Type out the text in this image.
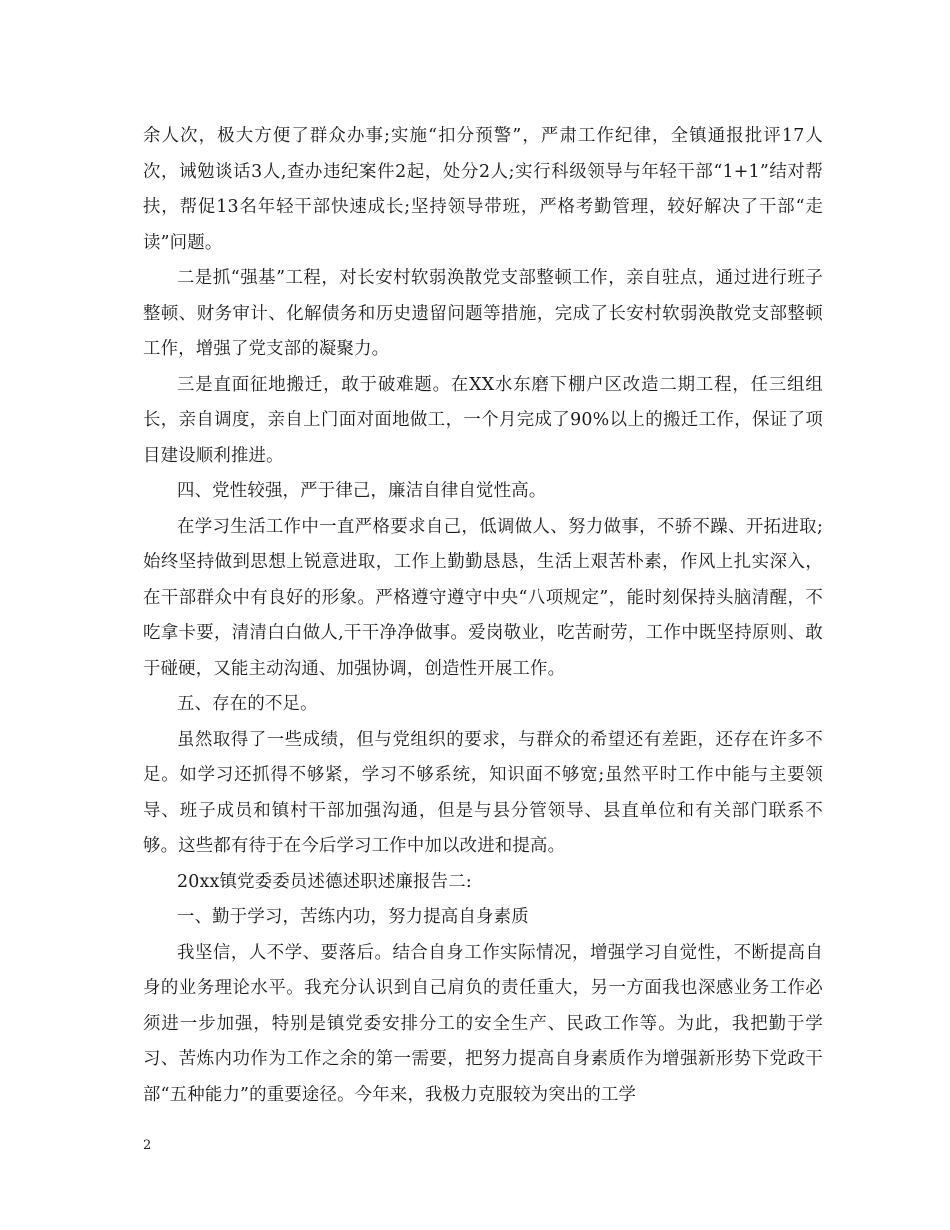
余人次，极大方便了群众办事;实施“扣分预警”，严肃工作纪律，全镇通报批评17人次，诫勉谈话3人,查办违纪案件2起，处分2人;实行科级领导与年轻干部“1+1”结对帮扶，帮促13名年轻干部快速成长;坚持领导带班，严格考勤管理，较好解决了干部“走读”问题。

二是抓“强基”工程，对长安村软弱涣散党支部整顿工作，亲自驻点，通过进行班子整顿、财务审计、化解债务和历史遗留问题等措施，完成了长安村软弱涣散党支部整顿工作，增强了党支部的凝聚力。

三是直面征地搬迁，敢于破难题。在XX水东磨下棚户区改造二期工程，任三组组长，亲自调度，亲自上门面对面地做工，一个月完成了90%以上的搬迁工作，保证了项目建设顺利推进。

四、党性较强，严于律己，廉洁自律自觉性高。

在学习生活工作中一直严格要求自己，低调做人、努力做事，不骄不躁、开拓进取;始终坚持做到思想上锐意进取，工作上勤勤恳恳，生活上艰苦朴素，作风上扎实深入，在干部群众中有良好的形象。严格遵守遵守中央“八项规定”，能时刻保持头脑清醒，不吃拿卡要，清清白白做人,干干净净做事。爱岗敬业，吃苦耐劳，工作中既坚持原则、敢于碰硬，又能主动沟通、加强协调，创造性开展工作。

五、存在的不足。

虽然取得了一些成绩，但与党组织的要求，与群众的希望还有差距，还存在许多不足。如学习还抓得不够紧，学习不够系统，知识面不够宽;虽然平时工作中能与主要领导、班子成员和镇村干部加强沟通，但是与县分管领导、县直单位和有关部门联系不够。这些都有待于在今后学习工作中加以改进和提高。

20xx镇党委委员述德述职述廉报告二:

一、勤于学习，苦练内功，努力提高自身素质

我坚信，人不学、要落后。结合自身工作实际情况，增强学习自觉性，不断提高自身的业务理论水平。我充分认识到自己肩负的责任重大，另一方面我也深感业务工作必须进一步加强，特别是镇党委安排分工的安全生产、民政工作等。为此，我把勤于学习、苦炼内功作为工作之余的第一需要，把努力提高自身素质作为增强新形势下党政干部“五种能力”的重要途径。今年来，我极力克服较为突出的工学

2
